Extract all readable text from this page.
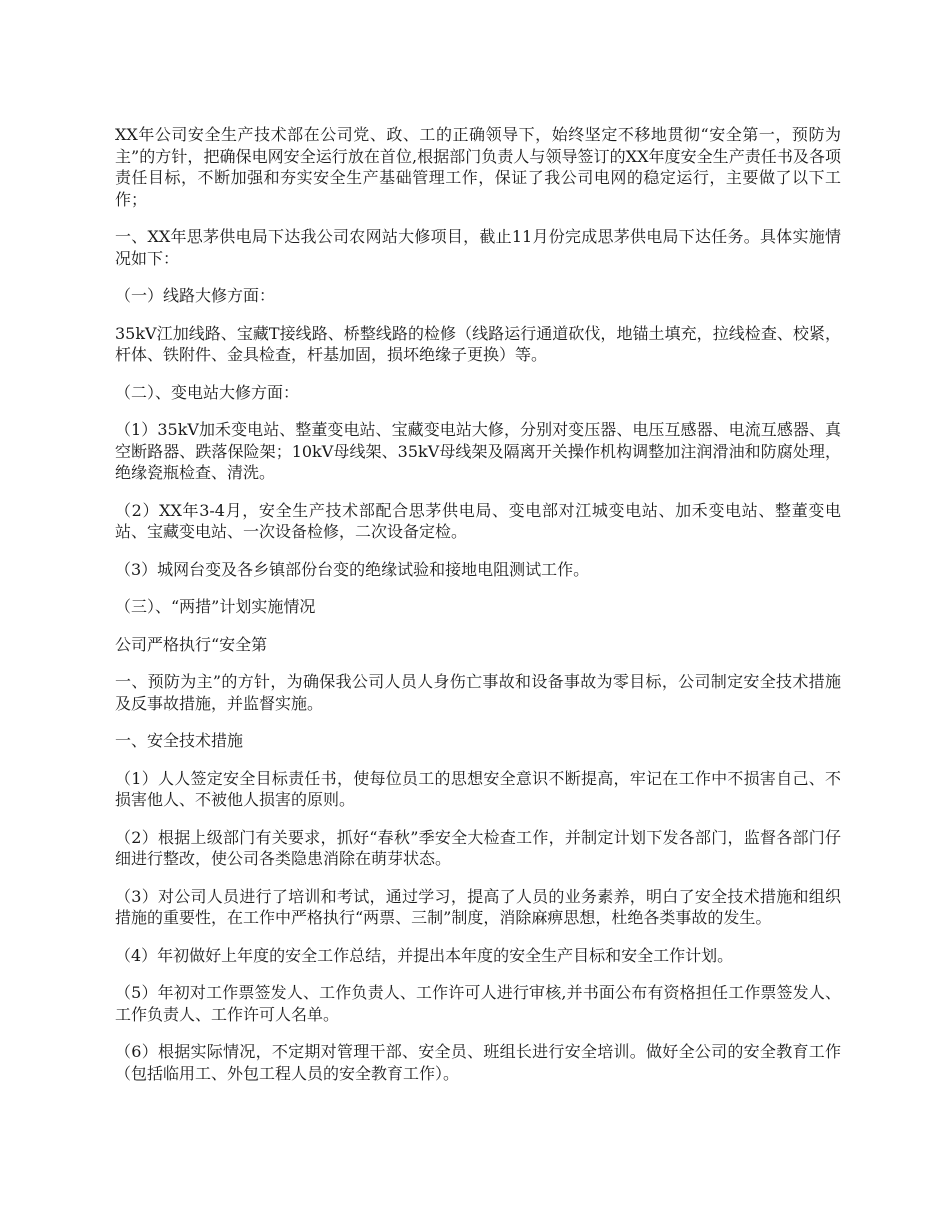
XX年公司安全生产技术部在公司党、政、工的正确领导下，始终坚定不移地贯彻“安全第一，预防为主”的方针，把确保电网安全运行放在首位,根据部门负责人与领导签订的XX年度安全生产责任书及各项责任目标，不断加强和夯实安全生产基础管理工作，保证了我公司电网的稳定运行，主要做了以下工作；

一、XX年思茅供电局下达我公司农网站大修项目，截止11月份完成思茅供电局下达任务。具体实施情况如下：

（一）线路大修方面：

35kV江加线路、宝藏T接线路、桥整线路的检修（线路运行通道砍伐，地锚土填充，拉线检查、校紧，杆体、铁附件、金具检查，杆基加固，损坏绝缘子更换）等。

（二）、变电站大修方面：

（1）35kV加禾变电站、整董变电站、宝藏变电站大修，分别对变压器、电压互感器、电流互感器、真空断路器、跌落保险架；10kV母线架、35kV母线架及隔离开关操作机构调整加注润滑油和防腐处理，绝缘瓷瓶检查、清洗。

（2）XX年3-4月，安全生产技术部配合思茅供电局、变电部对江城变电站、加禾变电站、整董变电站、宝藏变电站、一次设备检修，二次设备定检。

（3）城网台变及各乡镇部份台变的绝缘试验和接地电阻测试工作。

（三）、“两措”计划实施情况

公司严格执行“安全第

一、预防为主”的方针，为确保我公司人员人身伤亡事故和设备事故为零目标，公司制定安全技术措施及反事故措施，并监督实施。

一、安全技术措施

（1）人人签定安全目标责任书，使每位员工的思想安全意识不断提高，牢记在工作中不损害自己、不损害他人、不被他人损害的原则。

（2）根据上级部门有关要求，抓好“春秋”季安全大检查工作，并制定计划下发各部门，监督各部门仔细进行整改，使公司各类隐患消除在萌芽状态。

（3）对公司人员进行了培训和考试，通过学习，提高了人员的业务素养，明白了安全技术措施和组织措施的重要性，在工作中严格执行“两票、三制”制度，消除麻痹思想，杜绝各类事故的发生。

（4）年初做好上年度的安全工作总结，并提出本年度的安全生产目标和安全工作计划。

（5）年初对工作票签发人、工作负责人、工作许可人进行审核,并书面公布有资格担任工作票签发人、工作负责人、工作许可人名单。

（6）根据实际情况，不定期对管理干部、安全员、班组长进行安全培训。做好全公司的安全教育工作（包括临用工、外包工程人员的安全教育工作）。
